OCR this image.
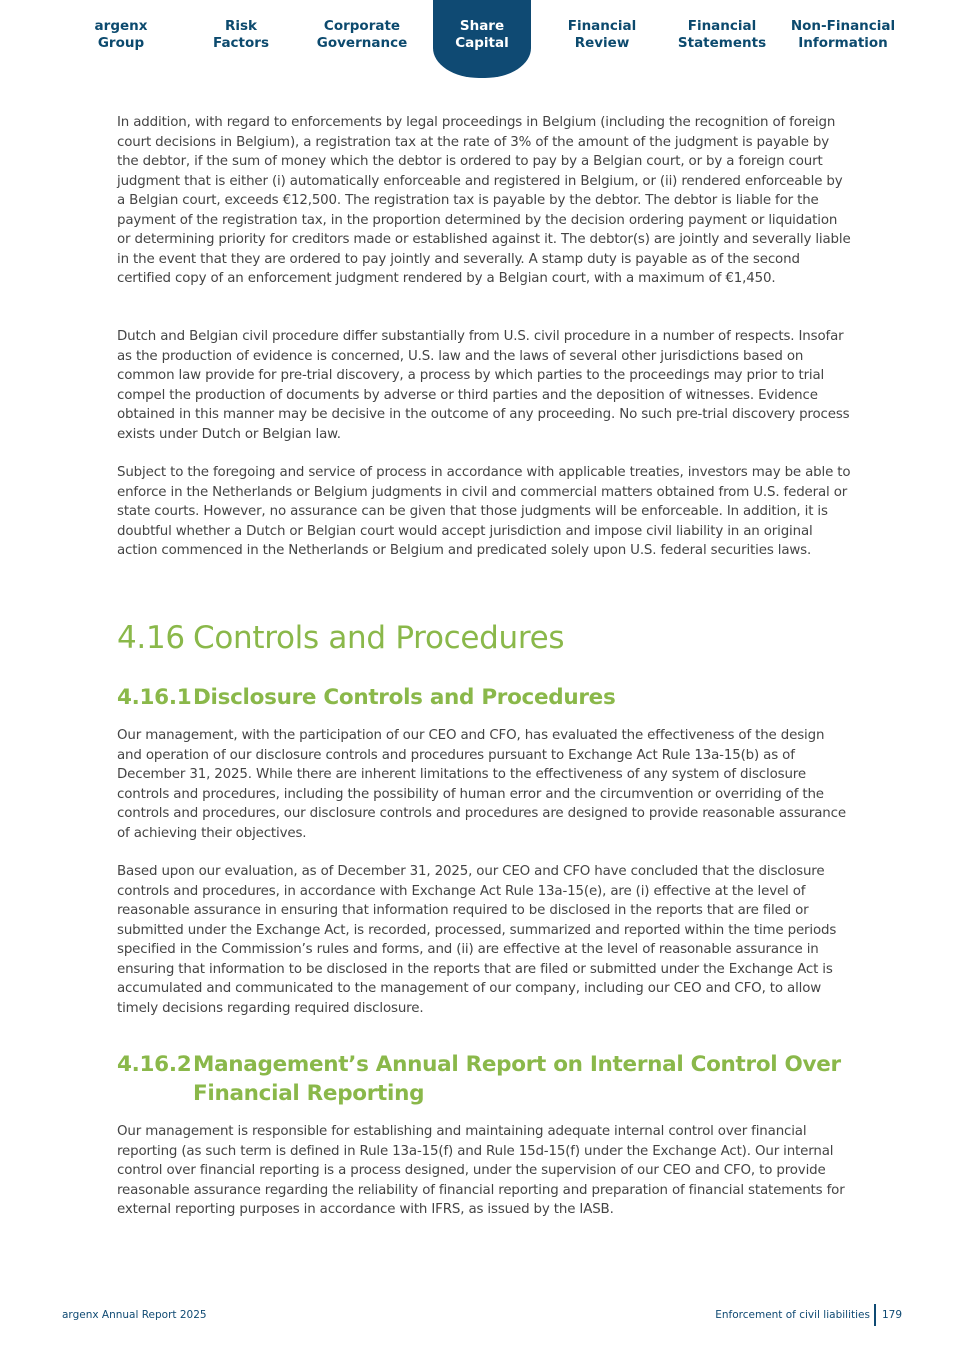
argenx
Group
Risk
Factors
Corporate
Governance
Share
Capital
Financial
Review
Financial
Statements
Non-Financial
Information

In addition, with regard to enforcements by legal proceedings in Belgium (including the recognition of foreign court decisions in Belgium), a registration tax at the rate of 3% of the amount of the judgment is payable by the debtor, if the sum of money which the debtor is ordered to pay by a Belgian court, or by a foreign court judgment that is either (i) automatically enforceable and registered in Belgium, or (ii) rendered enforceable by a Belgian court, exceeds €12,500. The registration tax is payable by the debtor. The debtor is liable for the payment of the registration tax, in the proportion determined by the decision ordering payment or liquidation or determining priority for creditors made or established against it. The debtor(s) are jointly and severally liable in the event that they are ordered to pay jointly and severally. A stamp duty is payable as of the second certified copy of an enforcement judgment rendered by a Belgian court, with a maximum of €1,450.

Dutch and Belgian civil procedure differ substantially from U.S. civil procedure in a number of respects. Insofar as the production of evidence is concerned, U.S. law and the laws of several other jurisdictions based on common law provide for pre-trial discovery, a process by which parties to the proceedings may prior to trial compel the production of documents by adverse or third parties and the deposition of witnesses. Evidence obtained in this manner may be decisive in the outcome of any proceeding. No such pre-trial discovery process exists under Dutch or Belgian law.

Subject to the foregoing and service of process in accordance with applicable treaties, investors may be able to enforce in the Netherlands or Belgium judgments in civil and commercial matters obtained from U.S. federal or state courts. However, no assurance can be given that those judgments will be enforceable. In addition, it is doubtful whether a Dutch or Belgian court would accept jurisdiction and impose civil liability in an original action commenced in the Netherlands or Belgium and predicated solely upon U.S. federal securities laws.

4.16 Controls and Procedures
4.16.1Disclosure Controls and Procedures

Our management, with the participation of our CEO and CFO, has evaluated the effectiveness of the design and operation of our disclosure controls and procedures pursuant to Exchange Act Rule 13a-15(b) as of December 31, 2025. While there are inherent limitations to the effectiveness of any system of disclosure controls and procedures, including the possibility of human error and the circumvention or overriding of the controls and procedures, our disclosure controls and procedures are designed to provide reasonable assurance of achieving their objectives.

Based upon our evaluation, as of December 31, 2025, our CEO and CFO have concluded that the disclosure controls and procedures, in accordance with Exchange Act Rule 13a-15(e), are (i) effective at the level of reasonable assurance in ensuring that information required to be disclosed in the reports that are filed or submitted under the Exchange Act, is recorded, processed, summarized and reported within the time periods specified in the Commission’s rules and forms, and (ii) are effective at the level of reasonable assurance in ensuring that information to be disclosed in the reports that are filed or submitted under the Exchange Act is accumulated and communicated to the management of our company, including our CEO and CFO, to allow timely decisions regarding required disclosure.

4.16.2Management’s Annual Report on Internal Control Over
Financial Reporting

Our management is responsible for establishing and maintaining adequate internal control over financial reporting (as such term is defined in Rule 13a-15(f) and Rule 15d-15(f) under the Exchange Act). Our internal control over financial reporting is a process designed, under the supervision of our CEO and CFO, to provide reasonable assurance regarding the reliability of financial reporting and preparation of financial statements for external reporting purposes in accordance with IFRS, as issued by the IASB.

argenx Annual Report 2025	Enforcement of civil liabilities 179
